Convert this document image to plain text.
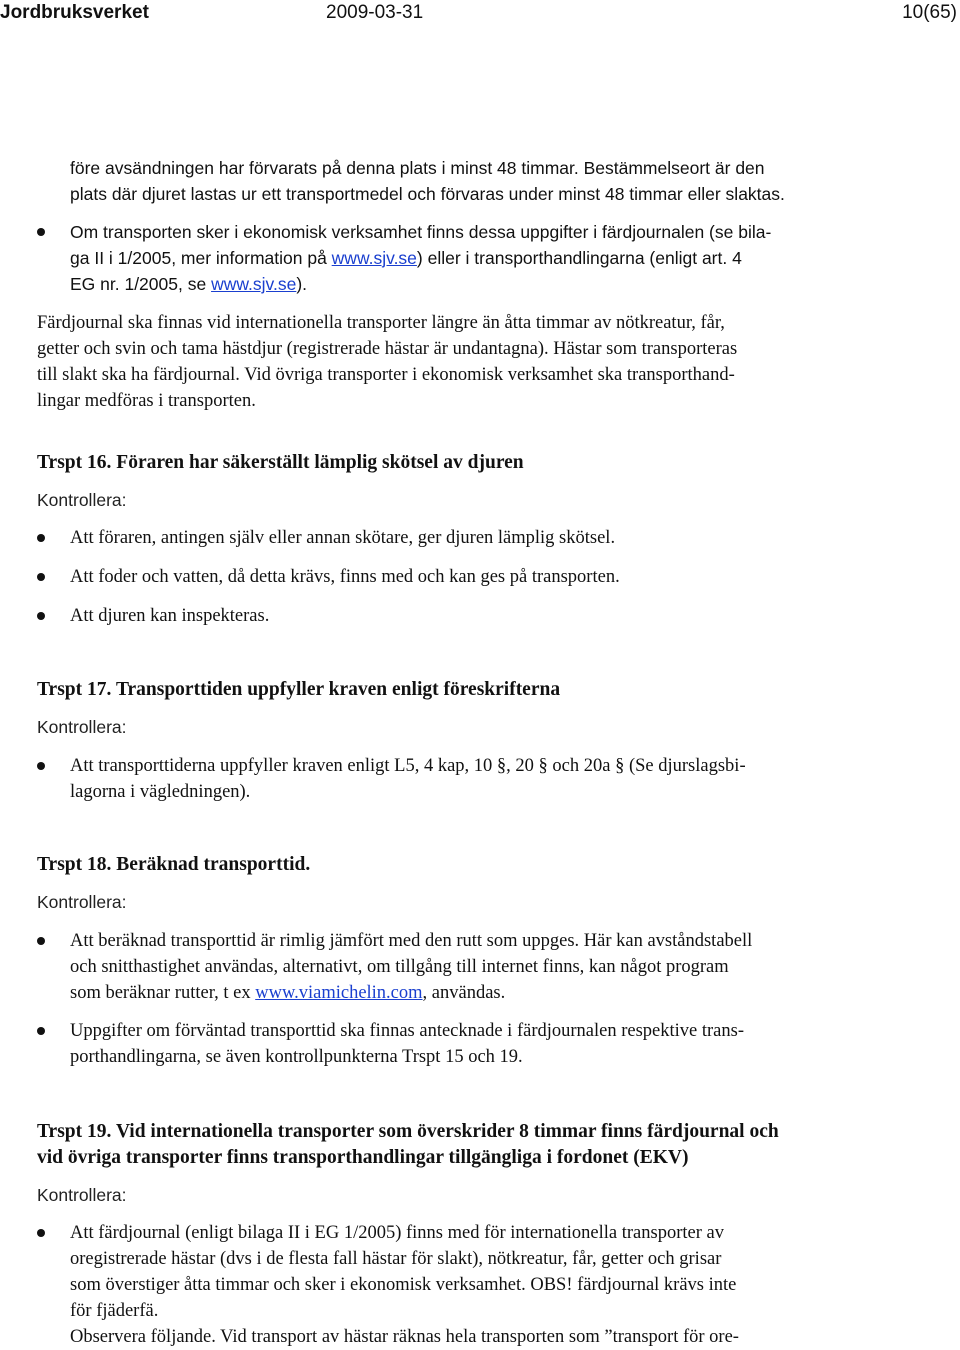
Jordbruksverket	2009-03-31	10(65)
före avsändningen har förvarats på denna plats i minst 48 timmar. Bestämmelseort är den
plats där djuret lastas ur ett transportmedel och förvaras under minst 48 timmar eller slaktas.
Om transporten sker i ekonomisk verksamhet finns dessa uppgifter i färdjournalen (se bila-
ga II i 1/2005, mer information på www.sjv.se) eller i transporthandlingarna (enligt art. 4
EG nr. 1/2005, se www.sjv.se).
Färdjournal ska finnas vid internationella transporter längre än åtta timmar av nötkreatur, får,
getter och svin och tama hästdjur (registrerade hästar är undantagna). Hästar som transporteras
till slakt ska ha färdjournal. Vid övriga transporter i ekonomisk verksamhet ska transporthand-
lingar medföras i transporten.
Trspt 16. Föraren har säkerställt lämplig skötsel av djuren
Kontrollera:
Att föraren, antingen själv eller annan skötare, ger djuren lämplig skötsel.
Att foder och vatten, då detta krävs, finns med och kan ges på transporten.
Att djuren kan inspekteras.
Trspt 17. Transporttiden uppfyller kraven enligt föreskrifterna
Kontrollera:
Att transporttiderna uppfyller kraven enligt L5, 4 kap, 10 §, 20 § och 20a § (Se djurslagsbi-
lagorna i vägledningen).
Trspt 18. Beräknad transporttid.
Kontrollera:
Att beräknad transporttid är rimlig jämfört med den rutt som uppges. Här kan avståndstabell
och snitthastighet användas, alternativt, om tillgång till internet finns, kan något program
som beräknar rutter, t ex www.viamichelin.com, användas.
Uppgifter om förväntad transporttid ska finnas antecknade i färdjournalen respektive trans-
porthandlingarna, se även kontrollpunkterna Trspt 15 och 19.
Trspt 19. Vid internationella transporter som överskrider 8 timmar finns färdjournal och
vid övriga transporter finns transporthandlingar tillgängliga i fordonet (EKV)
Kontrollera:
Att färdjournal (enligt bilaga II i EG 1/2005) finns med för internationella transporter av
oregistrerade hästar (dvs i de flesta fall hästar för slakt), nötkreatur, får, getter och grisar
som överstiger åtta timmar och sker i ekonomisk verksamhet. OBS! färdjournal krävs inte
för fjäderfä.
Observera följande. Vid transport av hästar räknas hela transporten som ”transport för ore-
